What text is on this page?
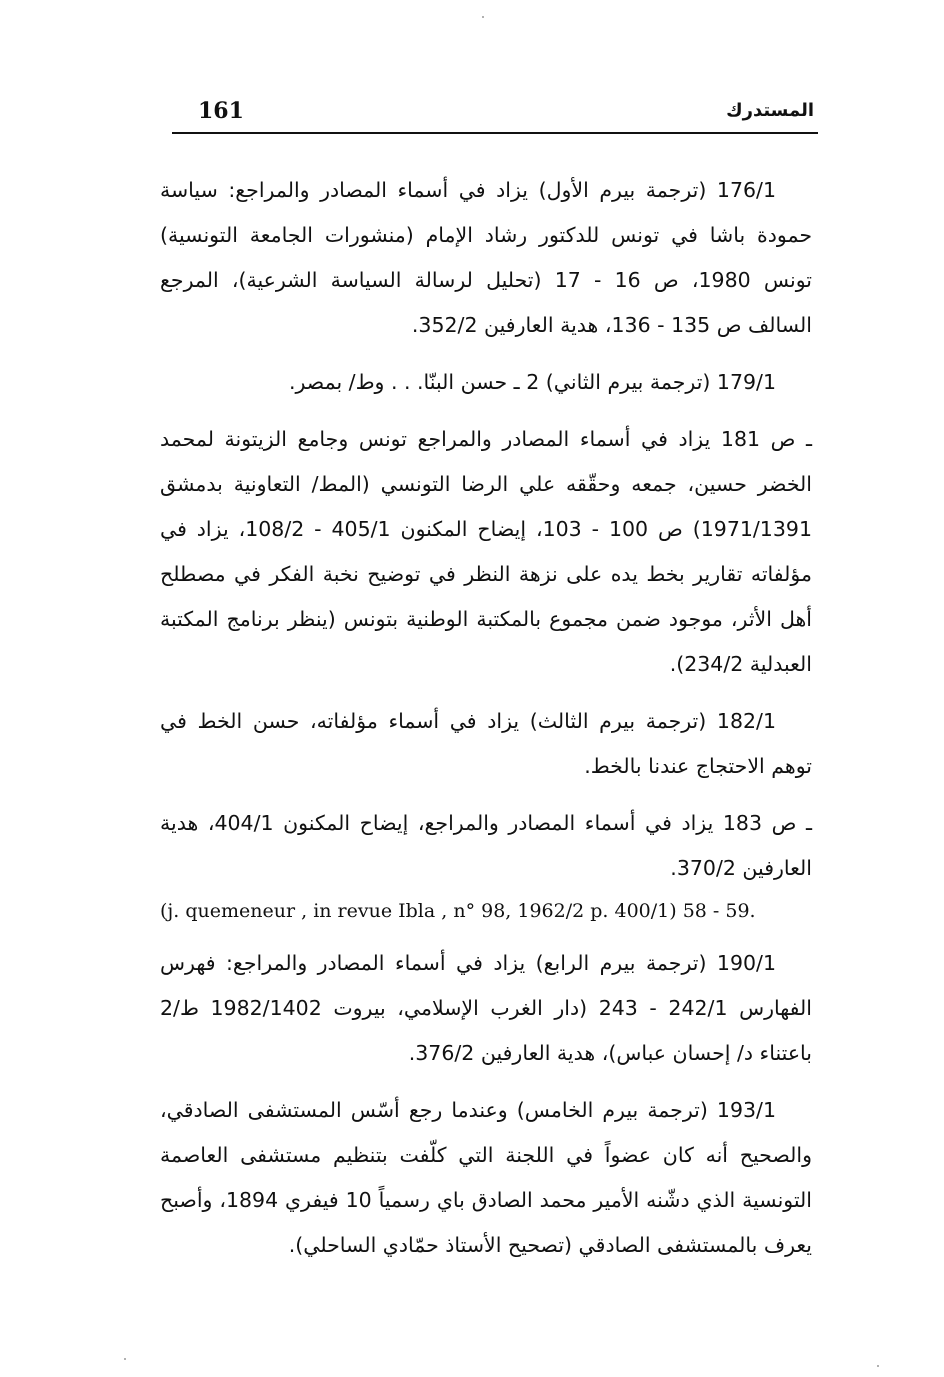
161	المستدرك

176/1 (ترجمة بيرم الأول) يزاد في أسماء المصادر والمراجع: سياسة حمودة باشا في تونس للدكتور رشاد الإمام (منشورات الجامعة التونسية) تونس 1980، ص 16 - 17 (تحليل لرسالة السياسة الشرعية)، المرجع السالف ص 135 - 136، هدية العارفين 352/2.

179/1 (ترجمة بيرم الثاني) 2 ـ حسن البنّا. . . وط/ بمصر.

ـ ص 181 يزاد في أسماء المصادر والمراجع تونس وجامع الزيتونة لمحمد الخضر حسين، جمعه وحقّقه علي الرضا التونسي (المط/ التعاونية بدمشق 1971/1391) ص 100 - 103، إيضاح المكنون 405/1 - 108/2، يزاد في مؤلفاته تقارير بخط يده على نزهة النظر في توضيح نخبة الفكر في مصطلح أهل الأثر، موجود ضمن مجموع بالمكتبة الوطنية بتونس (ينظر برنامج المكتبة العبدلية 234/2).

182/1 (ترجمة بيرم الثالث) يزاد في أسماء مؤلفاته، حسن الخط في توهم الاحتجاج عندنا بالخط.

ـ ص 183 يزاد في أسماء المصادر والمراجع، إيضاح المكنون 404/1، هدية العارفين 370/2.

(j. quemeneur , in revue Ibla , n° 98, 1962/2 p. 400/1) 58 - 59.

190/1 (ترجمة بيرم الرابع) يزاد في أسماء المصادر والمراجع: فهرس الفهارس 242/1 - 243 (دار الغرب الإسلامي، بيروت 1982/1402 ط/2 باعتناء د/ إحسان عباس)، هدية العارفين 376/2.

193/1 (ترجمة بيرم الخامس) وعندما رجع أسّس المستشفى الصادقي، والصحيح أنه كان عضواً في اللجنة التي كلّفت بتنظيم مستشفى العاصمة التونسية الذي دشّنه الأمير محمد الصادق باي رسمياً 10 فيفري 1894، وأصبح يعرف بالمستشفى الصادقي (تصحيح الأستاذ حمّادي الساحلي).
